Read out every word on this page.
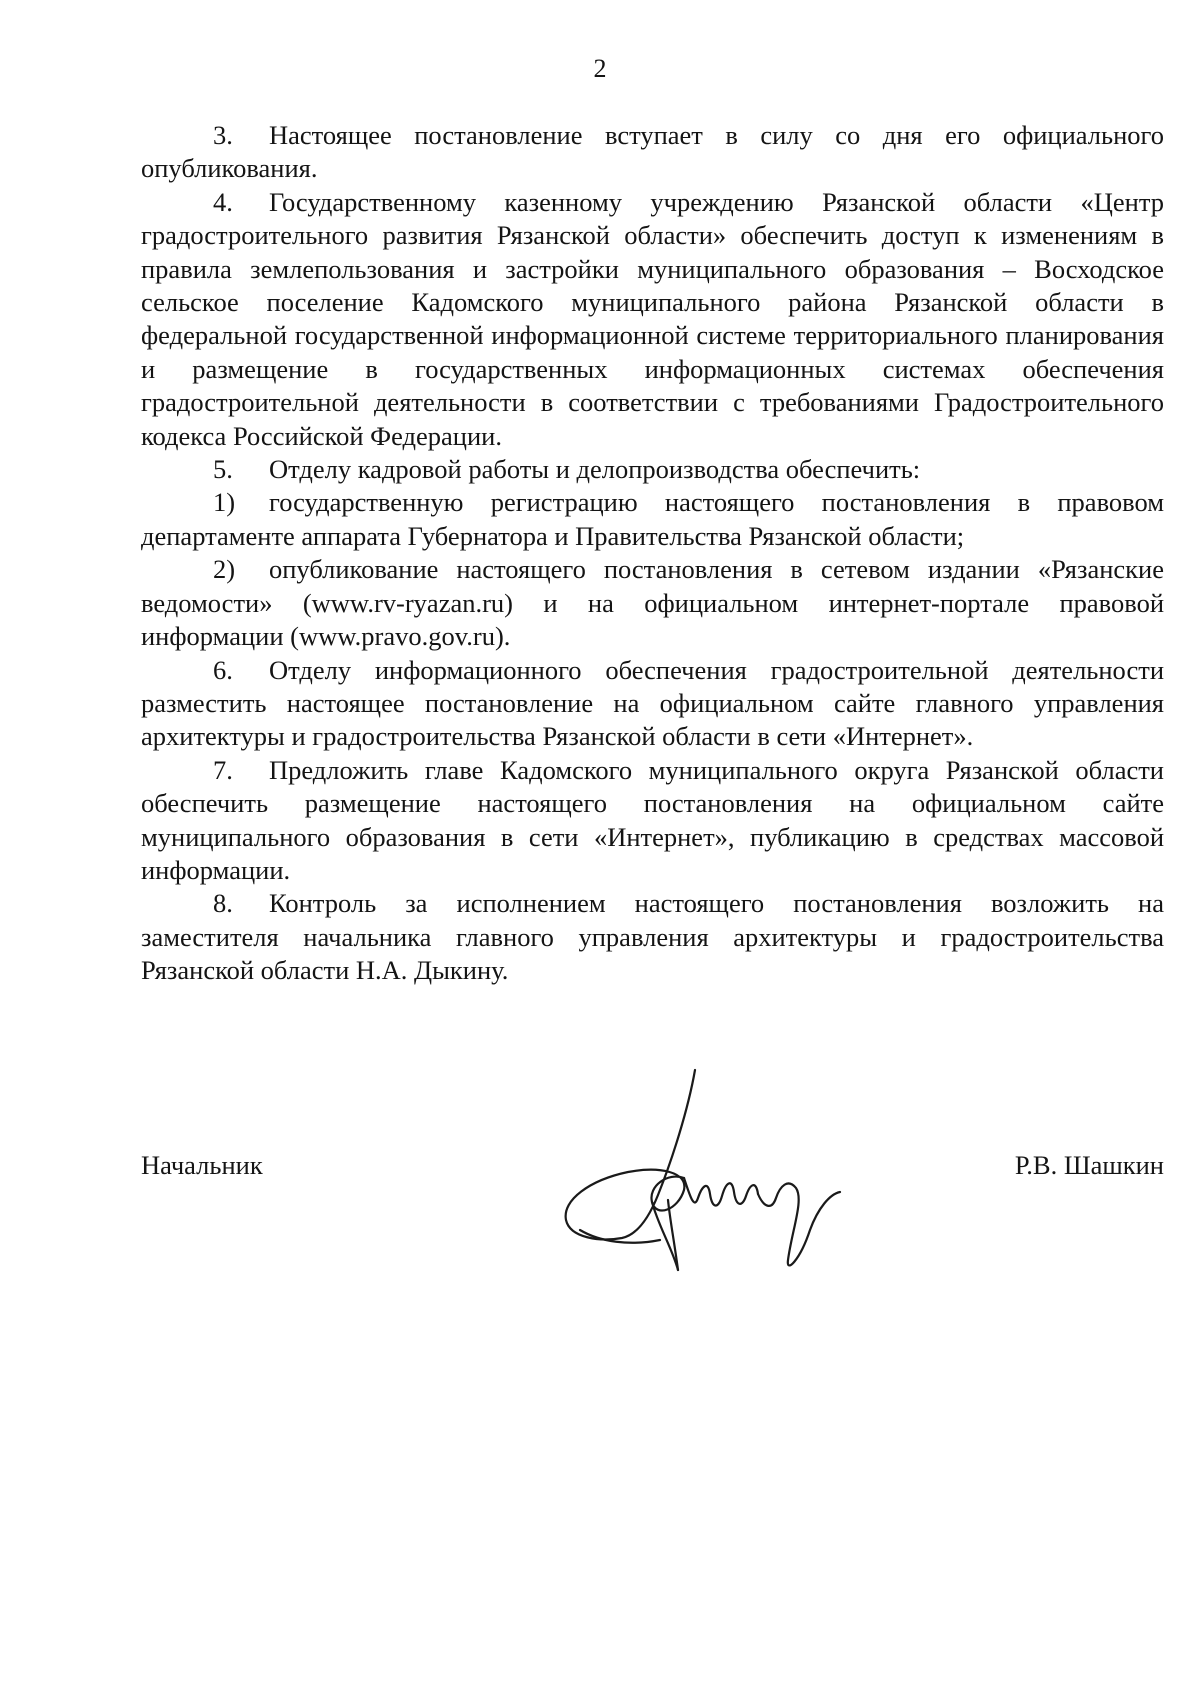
2

3. Настоящее постановление вступает в силу со дня его официального опубликования.

4. Государственному казенному учреждению Рязанской области «Центр градостроительного развития Рязанской области» обеспечить доступ к изменениям в правила землепользования и застройки муниципального образования – Восходское сельское поселение Кадомского муниципального района Рязанской области в федеральной государственной информационной системе территориального планирования и размещение в государственных информационных системах обеспечения градостроительной деятельности в соответствии с требованиями Градостроительного кодекса Российской Федерации.

5. Отделу кадровой работы и делопроизводства обеспечить:

1) государственную регистрацию настоящего постановления в правовом департаменте аппарата Губернатора и Правительства Рязанской области;

2) опубликование настоящего постановления в сетевом издании «Рязанские ведомости» (www.rv-ryazan.ru) и на официальном интернет-портале правовой информации (www.pravo.gov.ru).

6. Отделу информационного обеспечения градостроительной деятельности разместить настоящее постановление на официальном сайте главного управления архитектуры и градостроительства Рязанской области в сети «Интернет».

7. Предложить главе Кадомского муниципального округа Рязанской области обеспечить размещение настоящего постановления на официальном сайте муниципального образования в сети «Интернет», публикацию в средствах массовой информации.

8. Контроль за исполнением настоящего постановления возложить на заместителя начальника главного управления архитектуры и градостроительства Рязанской области Н.А. Дыкину.

Начальник	Р.В. Шашкин
